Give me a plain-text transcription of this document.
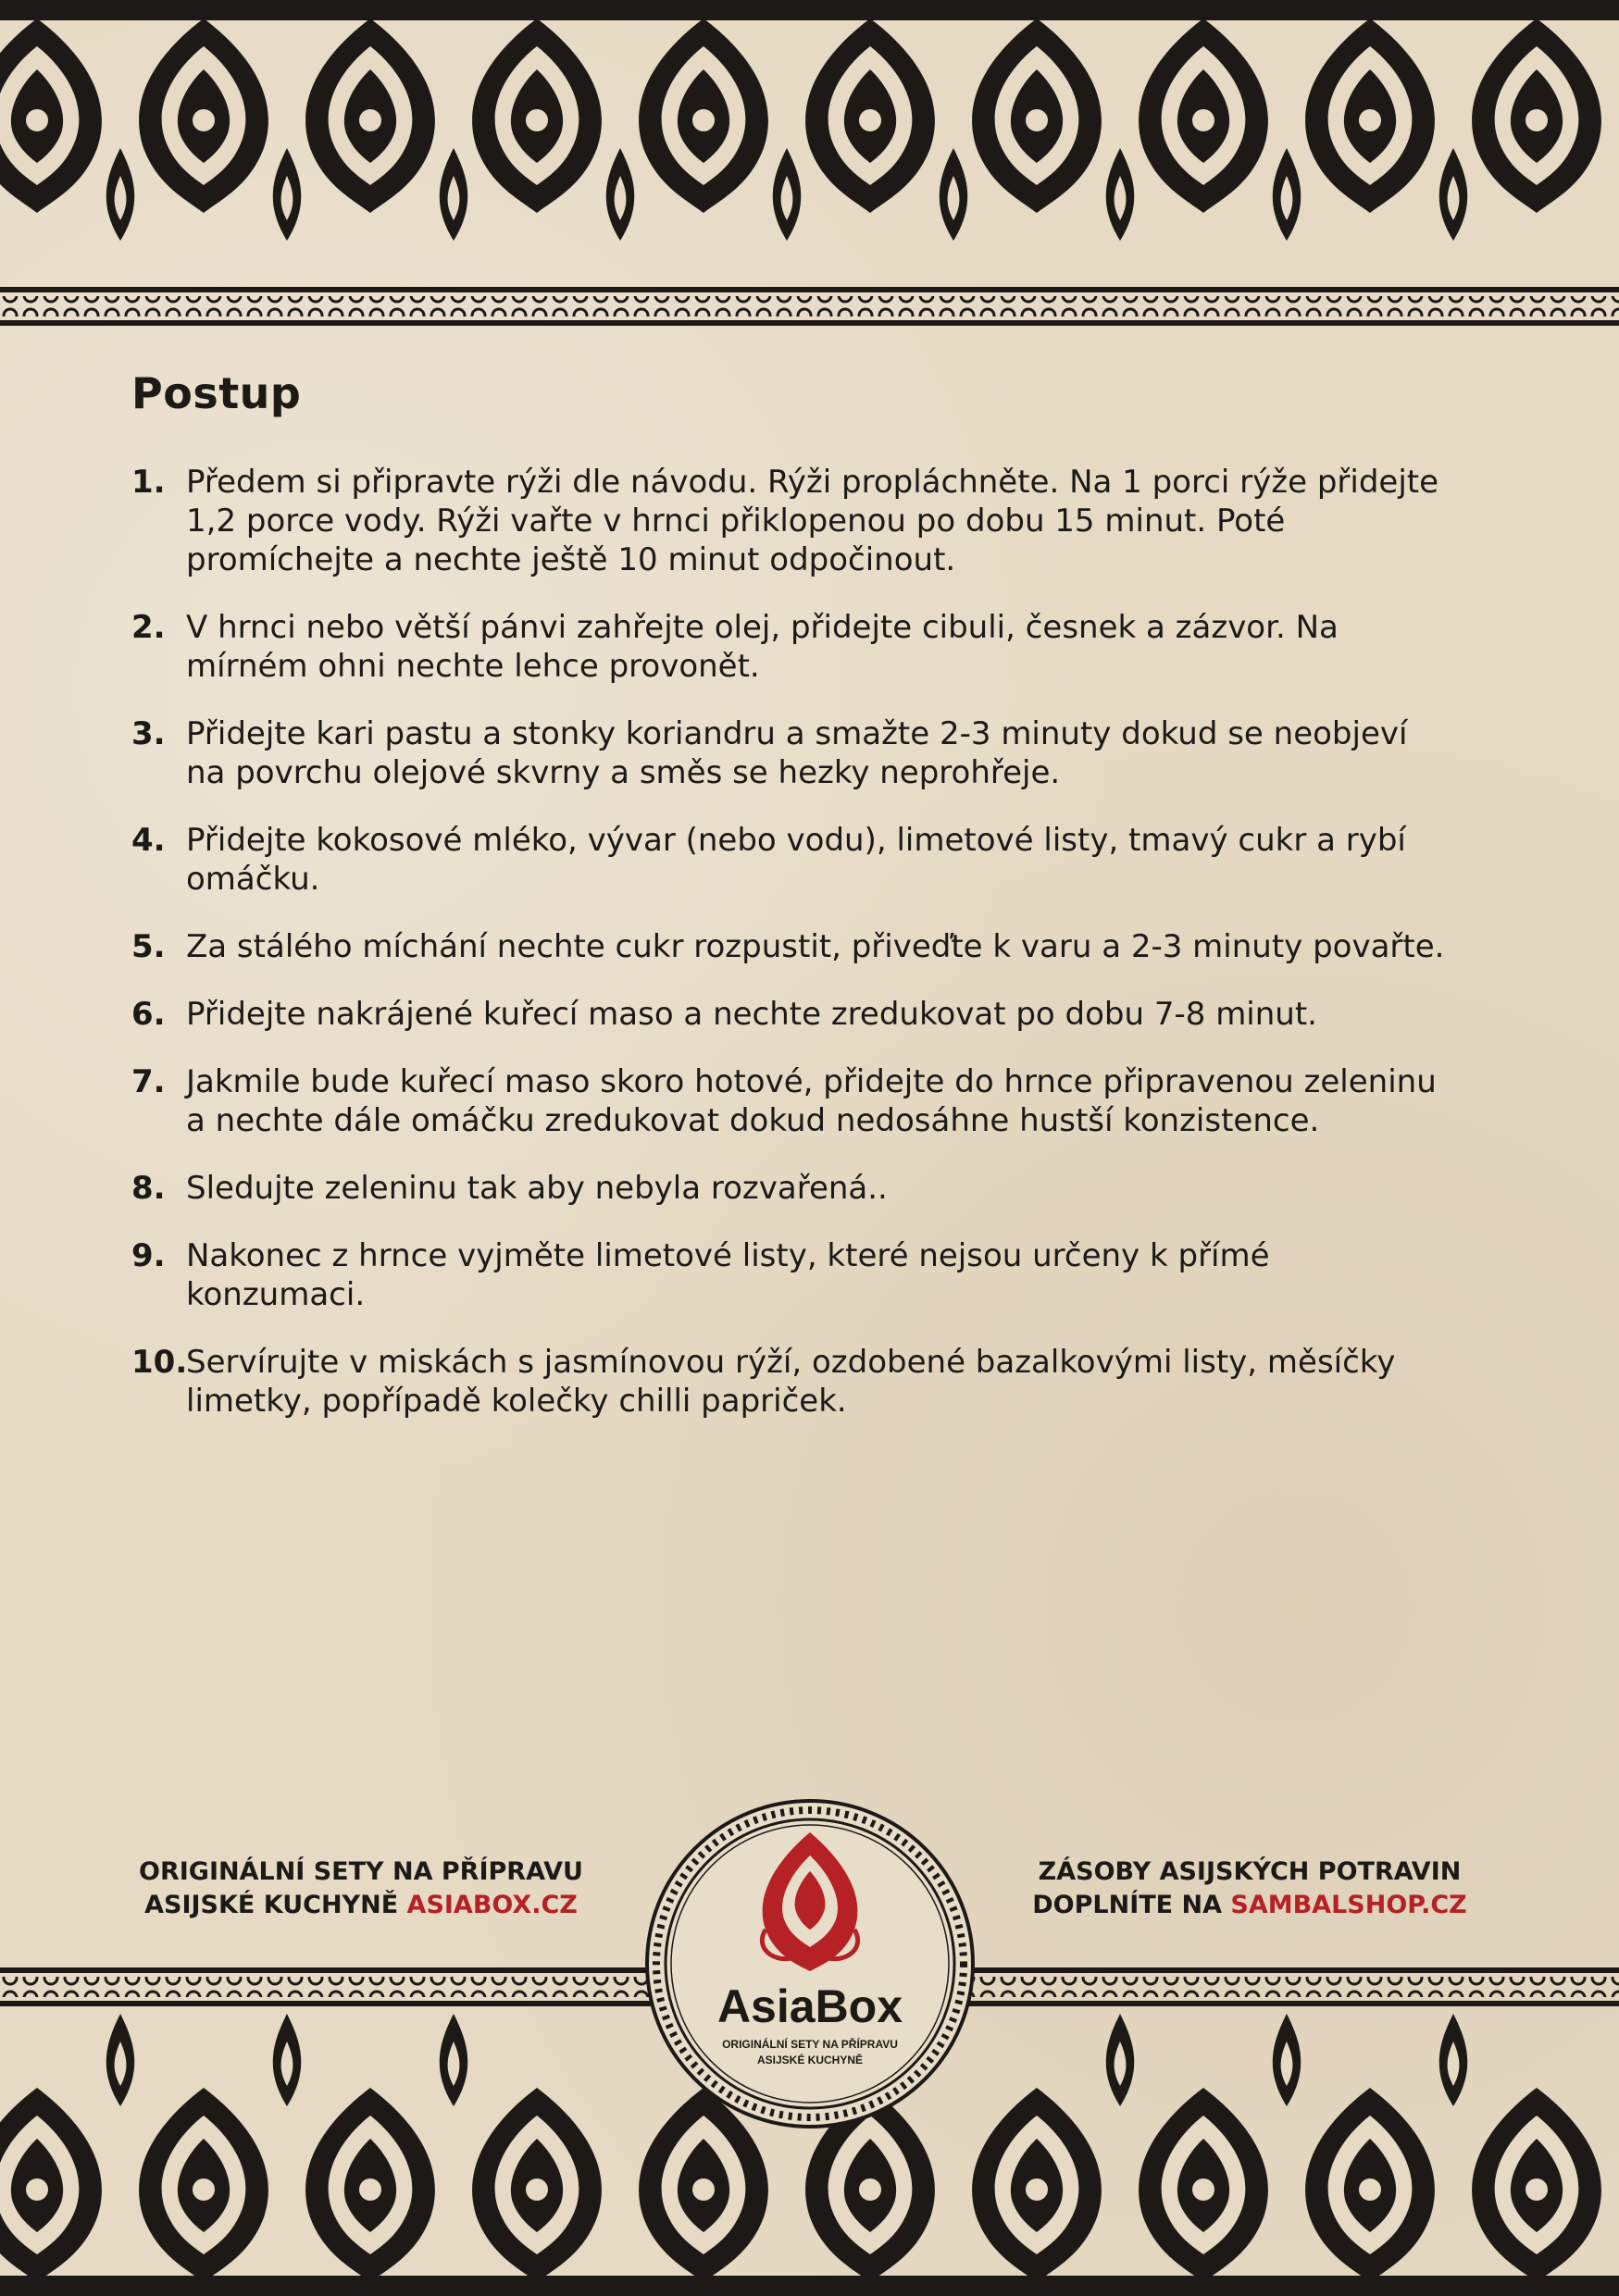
Postup
1. Předem si připravte rýži dle návodu. Rýži propláchněte. Na 1 porci rýže přidejte 1,2 porce vody. Rýži vařte v hrnci přiklopenou po dobu 15 minut. Poté promíchejte a nechte ještě 10 minut odpočinout.
2. V hrnci nebo větší pánvi zahřejte olej, přidejte cibuli, česnek a zázvor. Na mírném ohni nechte lehce provonět.
3. Přidejte kari pastu a stonky koriandru a smažte 2-3 minuty dokud se neobjeví na povrchu olejové skvrny a směs se hezky neprohřeje.
4. Přidejte kokosové mléko, vývar (nebo vodu), limetové listy, tmavý cukr a rybí omáčku.
5. Za stálého míchání nechte cukr rozpustit, přiveďte k varu a 2-3 minuty povařte.
6. Přidejte nakrájené kuřecí maso a nechte zredukovat po dobu 7-8 minut.
7. Jakmile bude kuřecí maso skoro hotové, přidejte do hrnce připravenou zeleninu a nechte dále omáčku zredukovat dokud nedosáhne hustší konzistence.
8. Sledujte zeleninu tak aby nebyla rozvařená..
9. Nakonec z hrnce vyjměte limetové listy, které nejsou určeny k přímé konzumaci.
10.
Servírujte v miskách s jasmínovou rýží, ozdobené bazalkovými listy, měsíčky limetky, popřípadě kolečky chilli papriček.
ORIGINÁLNÍ SETY NA PŘÍPRAVU
ASIJSKÉ KUCHYNĚ ASIABOX.CZ
ZÁSOBY ASIJSKÝCH POTRAVIN
DOPLNÍTE NA SAMBALSHOP.CZ
AsiaBox
ORIGINÁLNÍ SETY NA PŘÍPRAVU
ASIJSKÉ KUCHYNĚ
